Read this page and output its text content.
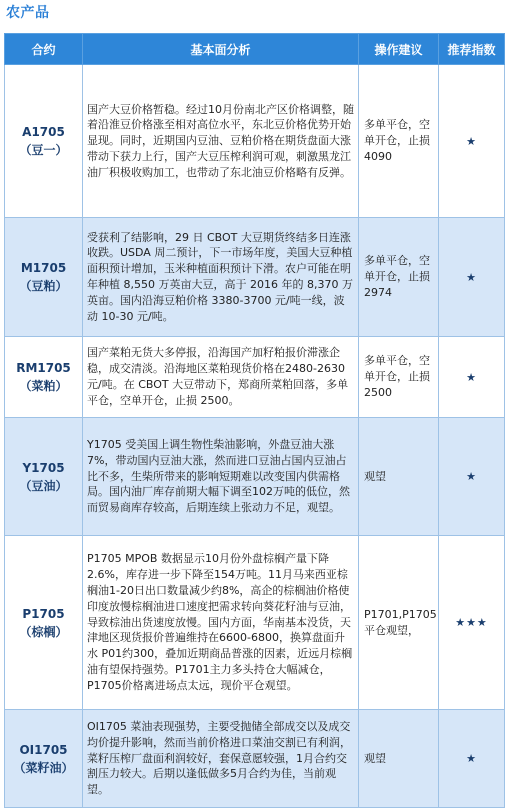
农产品
合约	基本面分析	操作建议	推荐指数

A1705
（豆一）	国产大豆价格暂稳。经过10月份南北产区价格调整，随着沿淮豆价格涨至相对高位水平，东北豆价格优势开始显现。同时，近期国内豆油、豆粕价格在期货盘面大涨带动下获力上行，国产大豆压榨利润可观，刺激黑龙江油厂积极收购加工，也带动了东北油豆价格略有反弹。	多单平仓，空单开仓，止损4090	★

M1705
（豆粕）	受获利了结影响，29 日 CBOT 大豆期货终结多日连涨收跌。USDA 周二预计，下一市场年度，美国大豆种植面积预计增加，玉米种植面积预计下滑。农户可能在明年种植 8,550 万英亩大豆，高于 2016 年的 8,370 万英亩。国内沿海豆粕价格 3380-3700 元/吨一线，波动 10-30 元/吨。	多单平仓，空单开仓，止损2974	★

RM1705
（菜粕）	国产菜粕无货大多停报，沿海国产加籽粕报价滞涨企稳，成交清淡。沿海地区菜粕现货价格在2480-2630 元/吨。在 CBOT 大豆带动下，郑商所菜粕回落，多单平仓，空单开仓，止损 2500。	多单平仓，空单开仓，止损2500	★

Y1705
（豆油）	Y1705 受美国上调生物性柴油影响，外盘豆油大涨7%，带动国内豆油大涨，然而进口豆油占国内豆油占比不多，生柴所带来的影响短期难以改变国内供需格局。国内油厂库存前期大幅下调至102万吨的低位，然而贸易商库存较高，后期连续上张动力不足，观望。	观望	★

P1705
（棕榈）	P1705 MPOB 数据显示10月份外盘棕榈产量下降2.6%，库存进一步下降至154万吨。11月马来西亚棕榈油1-20日出口数量减少约8%，高企的棕榈油价格使印度放慢棕榈油进口速度把需求转向葵花籽油与豆油，导致棕油出货速度放慢。国内方面，华南基本没货，天津地区现货报价普遍维持在6600-6800，换算盘面升水 P01约300，叠加近期商品普涨的因素，近远月棕榈油有望保持强势。P1701主力多头持仓大幅减仓，P1705价格离进场点太远，现价平仓观望。	P1701,P1705 平仓观望，	★★★

OI1705
（菜籽油）	OI1705 菜油表现强势，主要受抛储全部成交以及成交均价提升影响，然而当前价格进口菜油交割已有利润，菜籽压榨厂盘面利润较好，套保意愿较强，1月合约交割压力较大。后期以逢低做多5月合约为佳，当前观望。	观望	★
